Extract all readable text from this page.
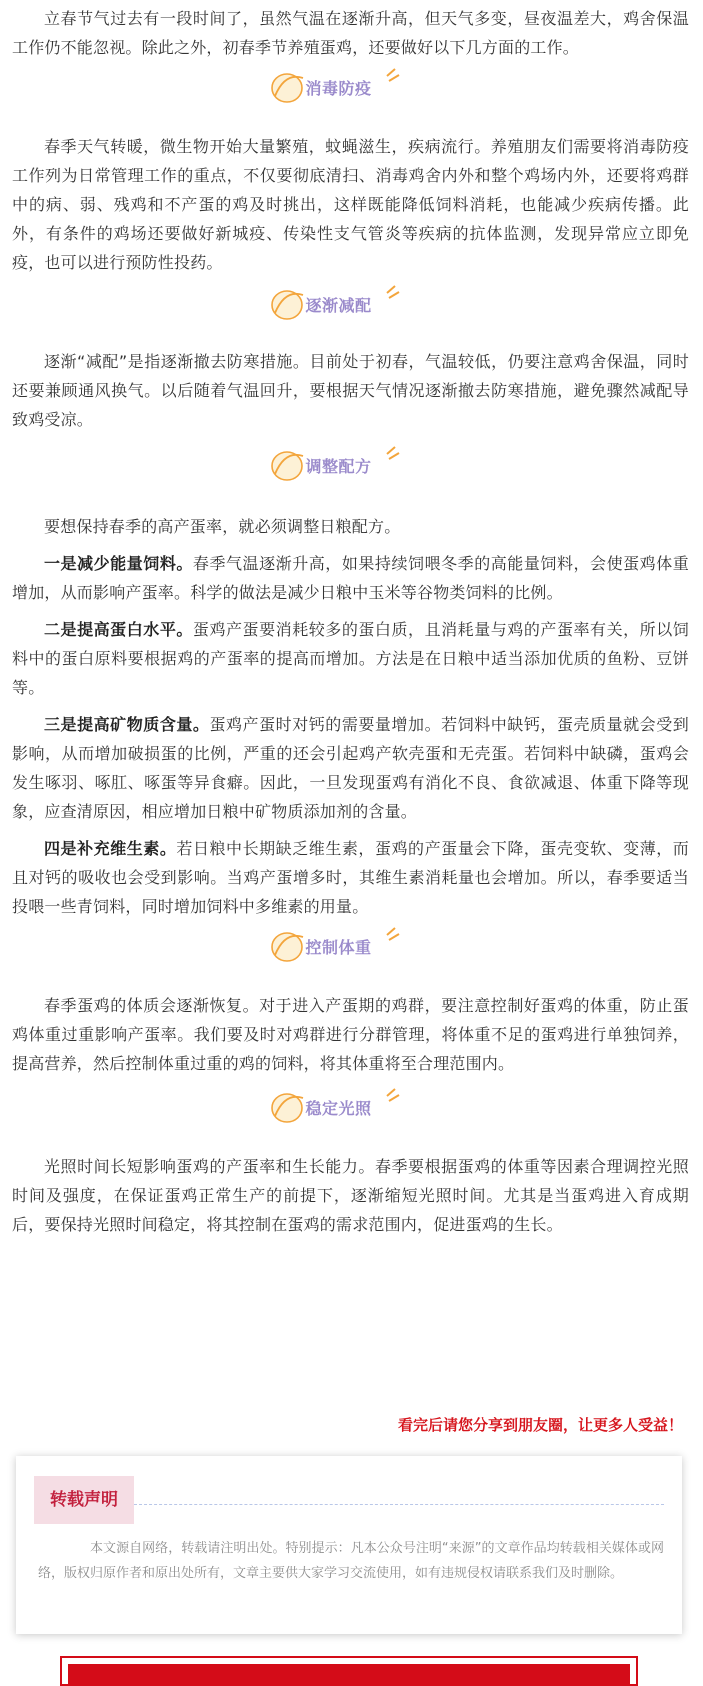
立春节气过去有一段时间了，虽然气温在逐渐升高，但天气多变，昼夜温差大，鸡舍保温工作仍不能忽视。除此之外，初春季节养殖蛋鸡，还要做好以下几方面的工作。

消毒防疫

春季天气转暖，微生物开始大量繁殖，蚊蝇滋生，疾病流行。养殖朋友们需要将消毒防疫工作列为日常管理工作的重点，不仅要彻底清扫、消毒鸡舍内外和整个鸡场内外，还要将鸡群中的病、弱、残鸡和不产蛋的鸡及时挑出，这样既能降低饲料消耗，也能减少疾病传播。此外，有条件的鸡场还要做好新城疫、传染性支气管炎等疾病的抗体监测，发现异常应立即免疫，也可以进行预防性投药。

逐渐减配

逐渐“减配”是指逐渐撤去防寒措施。目前处于初春，气温较低，仍要注意鸡舍保温，同时还要兼顾通风换气。以后随着气温回升，要根据天气情况逐渐撤去防寒措施，避免骤然减配导致鸡受凉。

调整配方

要想保持春季的高产蛋率，就必须调整日粮配方。

一是减少能量饲料。春季气温逐渐升高，如果持续饲喂冬季的高能量饲料，会使蛋鸡体重增加，从而影响产蛋率。科学的做法是减少日粮中玉米等谷物类饲料的比例。

二是提高蛋白水平。蛋鸡产蛋要消耗较多的蛋白质，且消耗量与鸡的产蛋率有关，所以饲料中的蛋白原料要根据鸡的产蛋率的提高而增加。方法是在日粮中适当添加优质的鱼粉、豆饼等。

三是提高矿物质含量。蛋鸡产蛋时对钙的需要量增加。若饲料中缺钙，蛋壳质量就会受到影响，从而增加破损蛋的比例，严重的还会引起鸡产软壳蛋和无壳蛋。若饲料中缺磷，蛋鸡会发生啄羽、啄肛、啄蛋等异食癖。因此，一旦发现蛋鸡有消化不良、食欲减退、体重下降等现象，应查清原因，相应增加日粮中矿物质添加剂的含量。

四是补充维生素。若日粮中长期缺乏维生素，蛋鸡的产蛋量会下降，蛋壳变软、变薄，而且对钙的吸收也会受到影响。当鸡产蛋增多时，其维生素消耗量也会增加。所以，春季要适当投喂一些青饲料，同时增加饲料中多维素的用量。

控制体重

春季蛋鸡的体质会逐渐恢复。对于进入产蛋期的鸡群，要注意控制好蛋鸡的体重，防止蛋鸡体重过重影响产蛋率。我们要及时对鸡群进行分群管理，将体重不足的蛋鸡进行单独饲养，提高营养，然后控制体重过重的鸡的饲料，将其体重将至合理范围内。

稳定光照

光照时间长短影响蛋鸡的产蛋率和生长能力。春季要根据蛋鸡的体重等因素合理调控光照时间及强度，在保证蛋鸡正常生产的前提下，逐渐缩短光照时间。尤其是当蛋鸡进入育成期后，要保持光照时间稳定，将其控制在蛋鸡的需求范围内，促进蛋鸡的生长。

看完后请您分享到朋友圈，让更多人受益！
转载声明

本文源自网络，转载请注明出处。特别提示：凡本公众号注明“来源”的文章作品均转载相关媒体或网络，版权归原作者和原出处所有，文章主要供大家学习交流使用，如有违规侵权请联系我们及时删除。
